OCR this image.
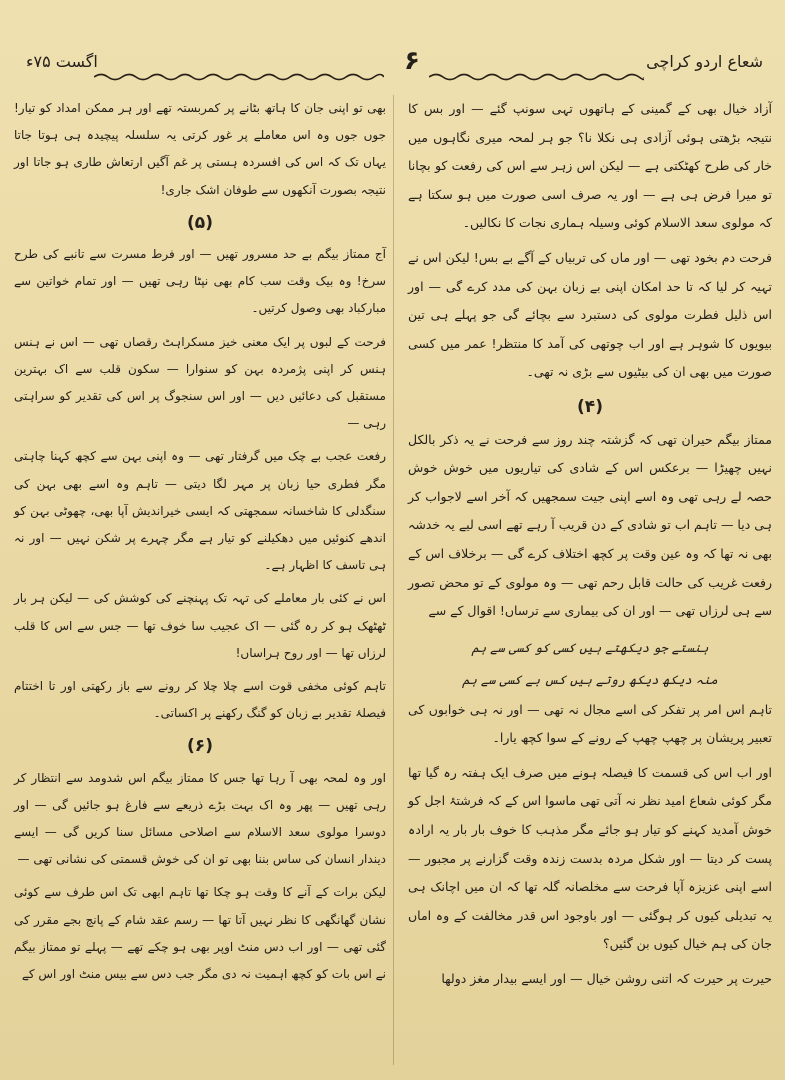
اگست ۷۵ء	۶	شعاع اردو کراچی

آزاد خیال بھی کے گمینی کے ہاتھوں تہی سونپ گئے — اور بس کا نتیجہ بڑھتی ہوئی آزادی ہی نکلا نا؟ جو ہر لمحہ میری نگاہوں میں خار کی طرح کھٹکتی ہے — لیکن اس زہر سے اس کی رفعت کو بچانا تو میرا فرض ہی ہے — اور یہ صرف اسی صورت میں ہو سکتا ہے کہ مولوی سعد الاسلام کوئی وسیلہ ہماری نجات کا نکالیں۔

فرحت دم بخود تھی — اور ماں کی تربیاں کے آگے بے بس! لیکن اس نے تہیہ کر لیا کہ تا حد امکان اپنی بے زبان بہن کی مدد کرے گی — اور اس ذلیل فطرت مولوی کی دستبرد سے بچائے گی جو پہلے ہی تین بیویوں کا شوہر ہے اور اب چوتھی کی آمد کا منتظر! عمر میں کسی صورت میں بھی ان کی بیٹیوں سے بڑی نہ تھی۔

(۴)

ممتاز بیگم حیران تھی کہ گزشتہ چند روز سے فرحت نے یہ ذکر بالکل نہیں چھیڑا — برعکس اس کے شادی کی تیاریوں میں خوش خوش حصہ لے رہی تھی وہ اسے اپنی جیت سمجھیں کہ آخر اسے لاجواب کر ہی دیا — تاہم اب تو شادی کے دن قریب آ رہے تھے اسی لیے یہ خدشہ بھی نہ تھا کہ وہ عین وقت پر کچھ اختلاف کرے گی — برخلاف اس کے رفعت غریب کی حالت قابل رحم تھی — وہ مولوی کے تو محض تصور سے ہی لرزاں تھی — اور ان کی بیماری سے ترساں! اقوال کے سے

ہنستے جو دیکھتے ہیں کسی کو کسی سے ہم

منہ دیکھ دیکھ روتے ہیں کس بے کسی سے ہم

تاہم اس امر پر تفکر کی اسے مجال نہ تھی — اور نہ ہی خوابوں کی تعبیر پریشان پر چھپ چھپ کے رونے کے سوا کچھ یارا۔

اور اب اس کی قسمت کا فیصلہ ہونے میں صرف ایک ہفتہ رہ گیا تھا مگر کوئی شعاع امید نظر نہ آتی تھی ماسوا اس کے کہ فرشتۂ اجل کو خوش آمدید کہنے کو تیار ہو جائے مگر مذہب کا خوف بار بار یہ ارادہ پست کر دیتا — اور شکل مردہ بدست زندہ وقت گزارنے پر مجبور — اسے اپنی عزیزہ آپا فرحت سے مخلصانہ گلہ تھا کہ ان میں اچانک ہی یہ تبدیلی کیوں کر ہوگئی — اور باوجود اس قدر مخالفت کے وہ اماں جان کی ہم خیال کیوں بن گئیں؟

حیرت پر حیرت کہ اتنی روشن خیال — اور ایسے بیدار مغز دولھا

بھی تو اپنی جان کا ہاتھ بٹانے پر کمربستہ تھے اور ہر ممکن امداد کو تیار! جوں جوں وہ اس معاملے پر غور کرتی یہ سلسلہ پیچیدہ ہی ہوتا جاتا یہاں تک کہ اس کی افسردہ ہستی پر غم آگیں ارتعاش طاری ہو جاتا اور نتیجہ بصورت آنکھوں سے طوفان اشک جاری!

(۵)

آج ممتاز بیگم بے حد مسرور تھیں — اور فرط مسرت سے تانبے کی طرح سرخ! وہ بیک وقت سب کام بھی نپٹا رہی تھیں — اور تمام خواتین سے مبارکباد بھی وصول کرتیں۔

فرحت کے لبوں پر ایک معنی خیز مسکراہٹ رقصاں تھی — اس نے ہنس ہنس کر اپنی پژمردہ بہن کو سنوارا — سکون قلب سے اک بہترین مستقبل کی دعائیں دیں — اور اس سنجوگ پر اس کی تقدیر کو سراہتی رہی —

رفعت عجب بے چک میں گرفتار تھی — وہ اپنی بہن سے کچھ کہنا چاہتی مگر فطری حیا زبان پر مہر لگا دیتی — تاہم وہ اسے بھی بہن کی سنگدلی کا شاخسانہ سمجھتی کہ ایسی خیراندیش آپا بھی، چھوٹی بہن کو اندھے کنوئیں میں دھکیلنے کو تیار ہے مگر چہرے پر شکن نہیں — اور نہ ہی تاسف کا اظہار ہے۔

اس نے کئی بار معاملے کی تہہ تک پہنچنے کی کوشش کی — لیکن ہر بار ٹھٹھک ہو کر رہ گئی — اک عجیب سا خوف تھا — جس سے اس کا قلب لرزاں تھا — اور روح ہراساں!

تاہم کوئی مخفی قوت اسے چلا چلا کر رونے سے باز رکھتی اور تا اختتام فیصلۂ تقدیر بے زبان کو گنگ رکھنے پر اکساتی۔

(۶)

اور وہ لمحہ بھی آ رہا تھا جس کا ممتاز بیگم اس شدومد سے انتظار کر رہی تھیں — پھر وہ اک بہت بڑے ذریعے سے فارغ ہو جائیں گی — اور دوسرا مولوی سعد الاسلام سے اصلاحی مسائل سنا کریں گی — ایسے دیندار انسان کی ساس بننا بھی تو ان کی خوش قسمتی کی نشانی تھی —

لیکن برات کے آنے کا وقت ہو چکا تھا تاہم ابھی تک اس طرف سے کوئی نشان گھانگھی کا نظر نہیں آتا تھا — رسم عقد شام کے پانچ بجے مقرر کی گئی تھی — اور اب دس منٹ اوپر بھی ہو چکے تھے — پہلے تو ممتاز بیگم نے اس بات کو کچھ اہمیت نہ دی مگر جب دس سے بیس منٹ اور اس کے
